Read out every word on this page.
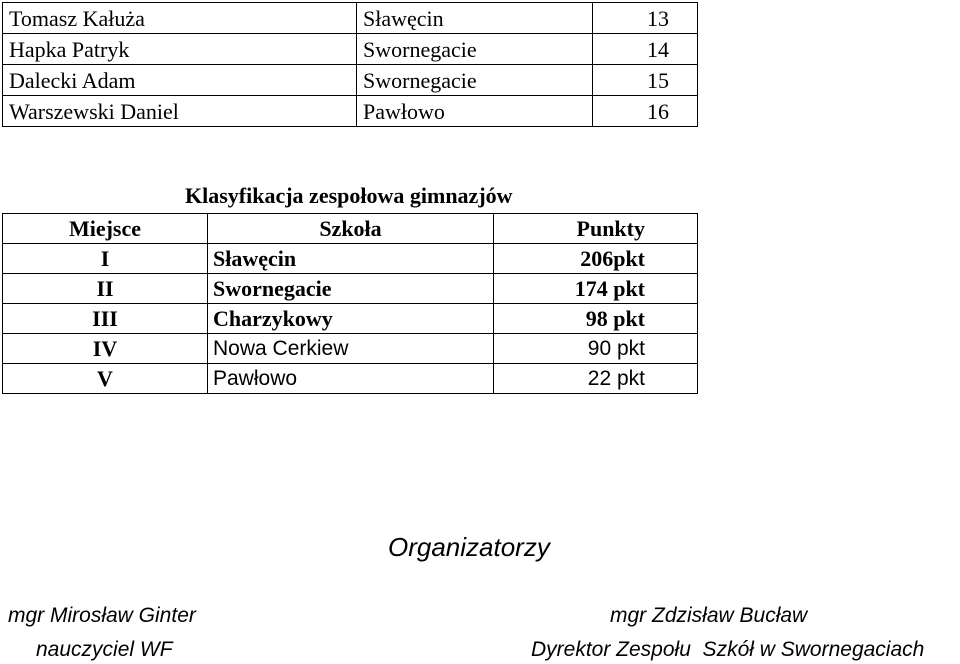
Tomasz Kałuża	Sławęcin	13
Hapka Patryk	Swornegacie	14
Dalecki Adam	Swornegacie	15
Warszewski Daniel	Pawłowo	16
Klasyfikacja zespołowa gimnazjów
Miejsce	Szkoła	Punkty
I	Sławęcin	206pkt
II	Swornegacie	174 pkt
III	Charzykowy	98 pkt
IV	Nowa Cerkiew	90 pkt
V	Pawłowo	22 pkt
Organizatorzy
mgr Mirosław Ginter
nauczyciel WF
mgr Zdzisław Bucław
Dyrektor Zespołu  Szkół w Swornegaciach
